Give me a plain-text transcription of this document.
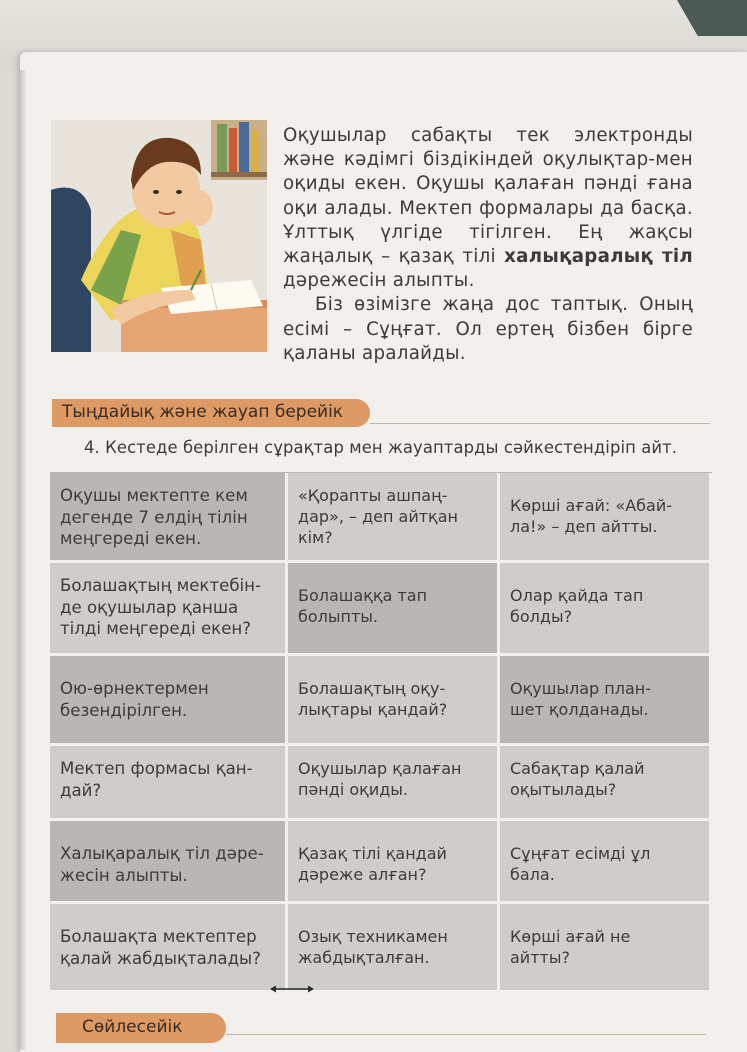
Оқушылар сабақты тек электронды және кәдімгі біздікіндей оқулықтар-мен оқиды екен. Оқушы қалаған пәнді ғана оқи алады. Мектеп формалары да басқа. Ұлттық үлгіде тігілген. Ең жақсы жаңалық – қазақ тілі халықаралық тіл дәрежесін алыпты.

Біз өзімізге жаңа дос таптық. Оның есімі – Сұңғат. Ол ертең бізбен бірге қаланы аралайды.

Тыңдайық және жауап берейік
4. Кестеде берілген сұрақтар мен жауаптарды сәйкестендіріп айт.
Оқушы мектепте кем
дегенде 7 елдің тілін
меңгереді екен.
«Қорапты ашпаң-
дар», – деп айтқан
кім?
Көрші ағай: «Абай-
ла!» – деп айтты.
Болашақтың мектебін-
де оқушылар қанша
тілді меңгереді екен?
Болашаққа тап
болыпты.
Олар қайда тап
болды?
Ою-өрнектермен
безендірілген.
Болашақтың оқу-
лықтары қандай?
Оқушылар план-
шет қолданады.
Мектеп формасы қан-
дай?
Оқушылар қалаған
пәнді оқиды.
Сабақтар қалай
оқытылады?
Халықаралық тіл дәре-
жесін алыпты.
Қазақ тілі қандай
дәреже алған?
Сұңғат есімді ұл
бала.
Болашақта мектептер
қалай жабдықталады?
Озық техникамен
жабдықталған.
Көрші ағай не
айтты?
Сөйлесейік
